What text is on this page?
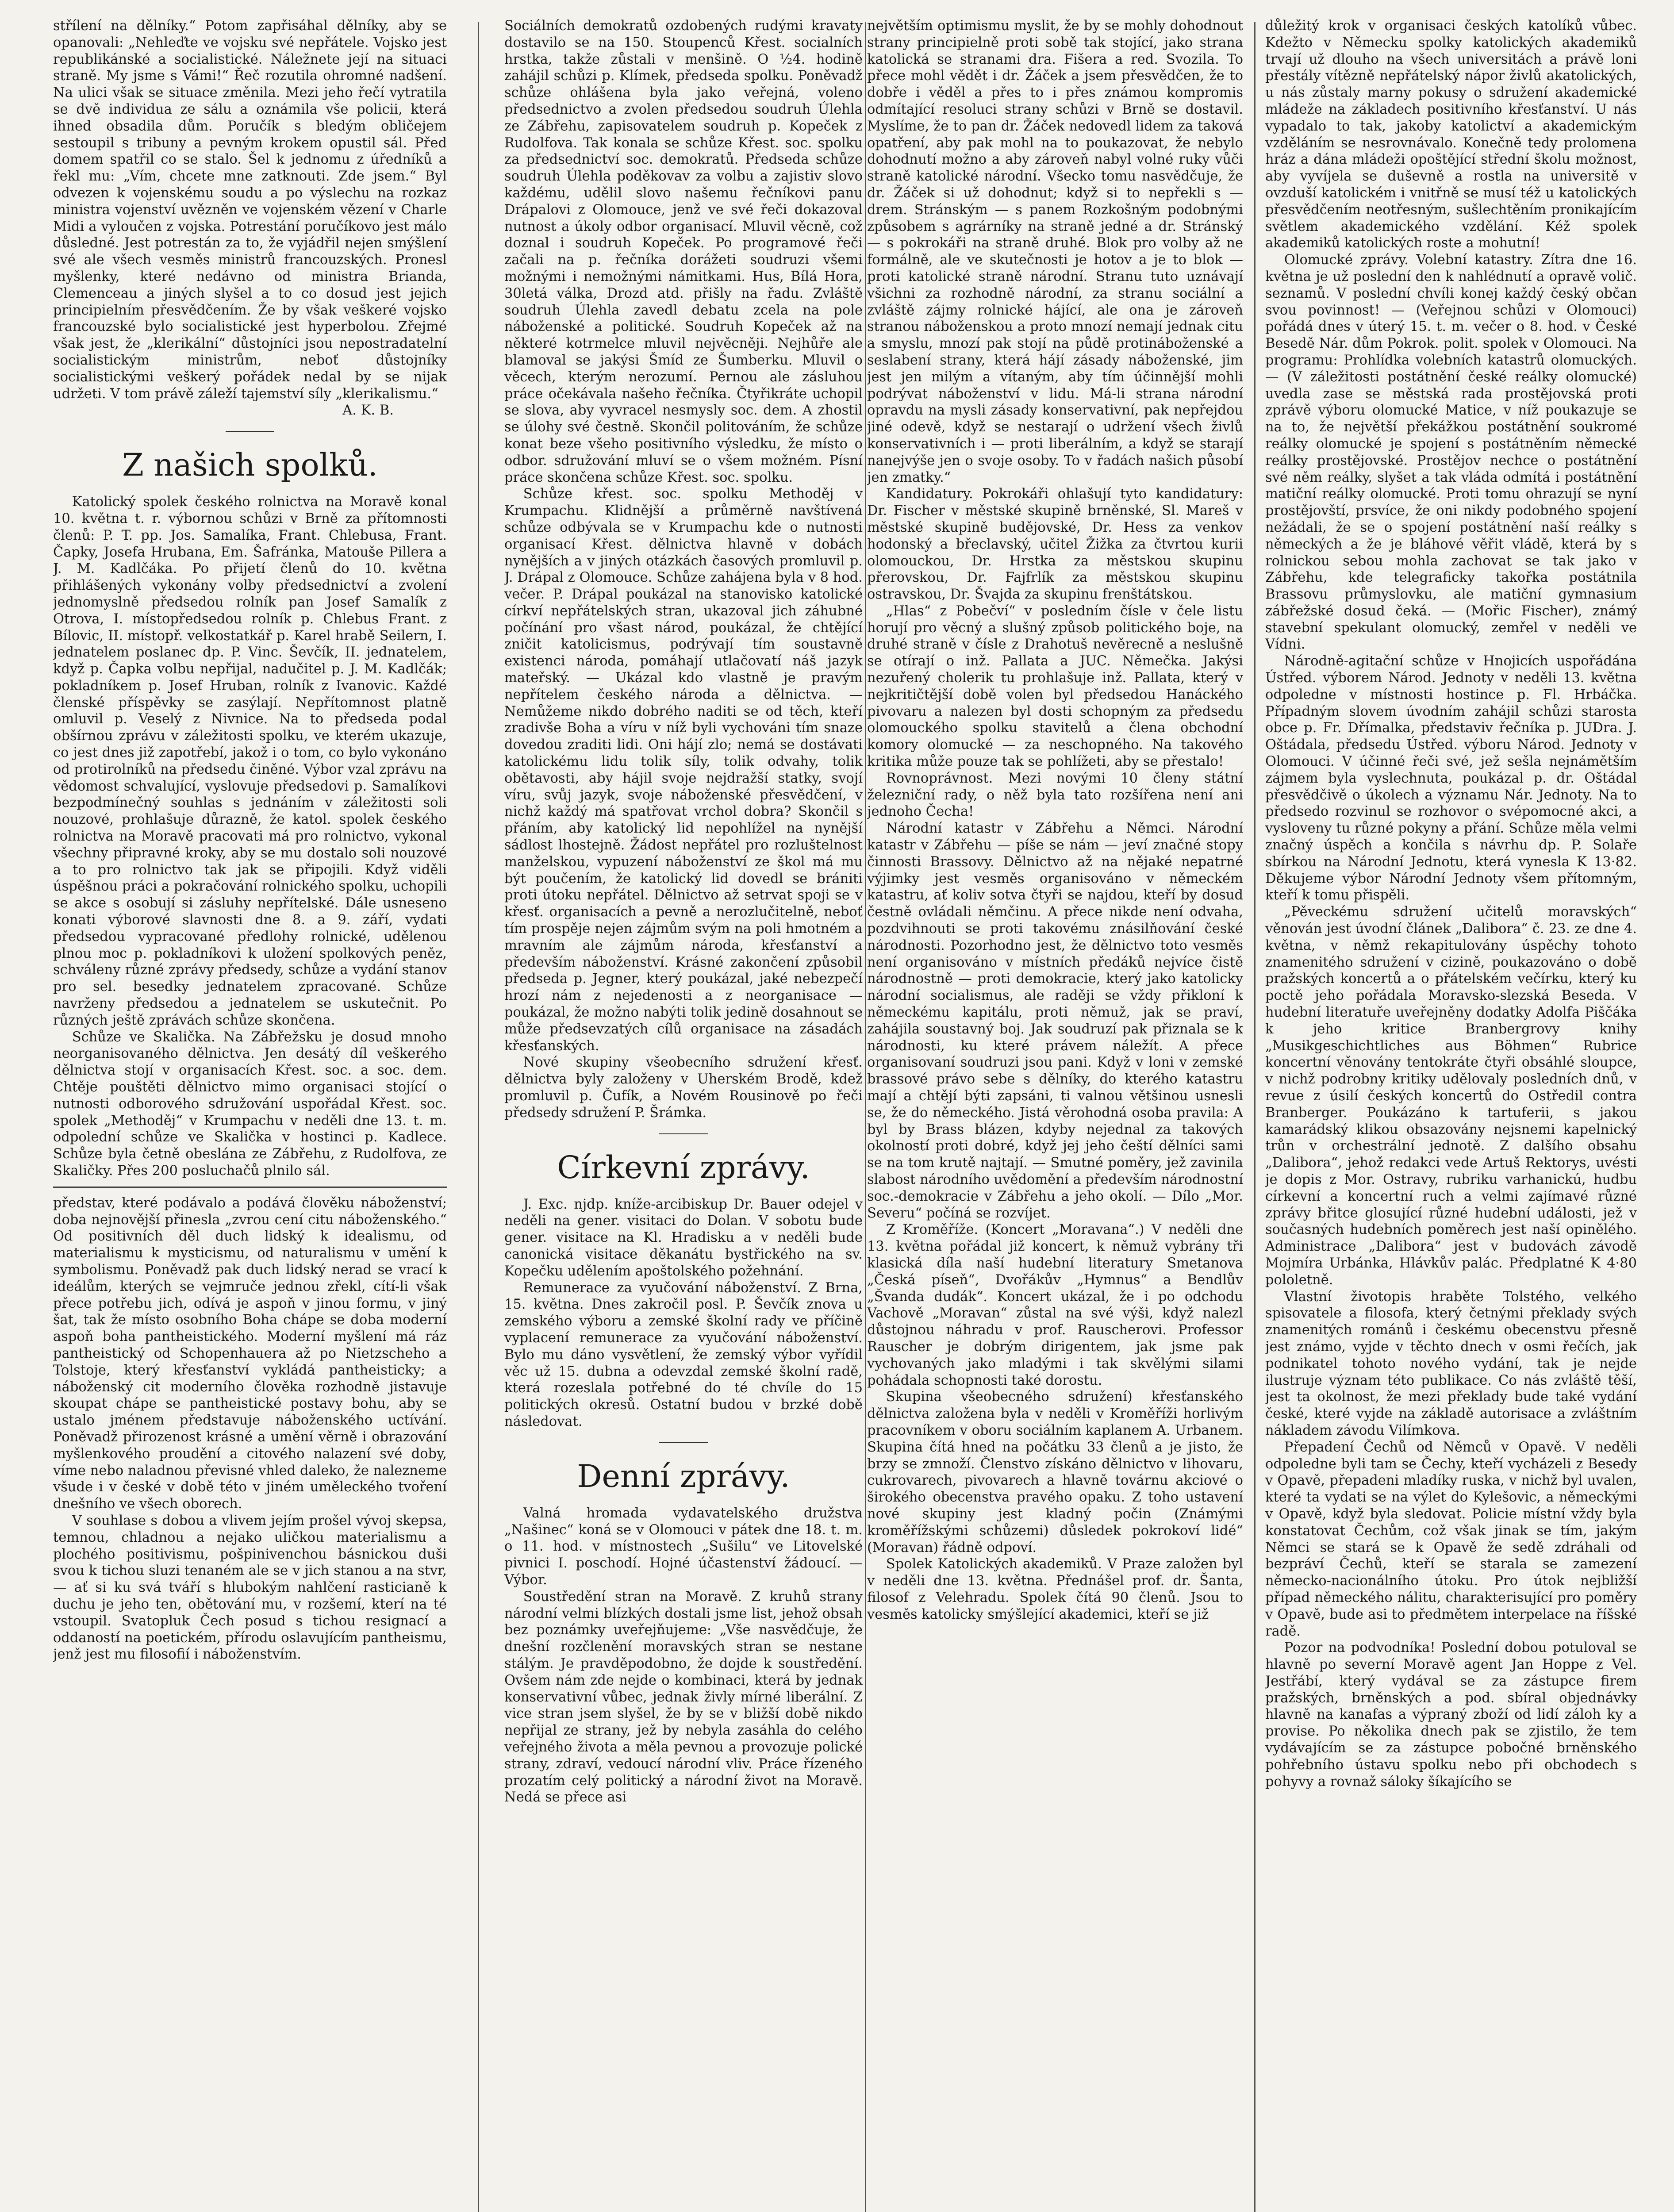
střílení na dělníky.“ Potom zapřisáhal dělníky, aby se opanovali: „Nehleďte ve vojsku své nepřátele. Vojsko jest republikánské a socialistické. Náležnete její na situaci straně. My jsme s Vámi!“ Řeč rozutila ohromné nadšení. Na ulici však se situace změnila. Mezi jeho řečí vytratila se dvě individua ze sálu a oznámila vše policii, která ihned obsadila dům. Poručík s bledým obličejem sestoupil s tribuny a pevným krokem opustil sál. Před domem spatřil co se stalo. Šel k jednomu z úředníků a řekl mu: „Vím, chcete mne zatknouti. Zde jsem.“ Byl odvezen k vojenskému soudu a po výslechu na rozkaz ministra vojenství uvězněn ve vojenském vězení v Charle Midi a vyloučen z vojska. Potrestání poručíkovo jest málo důsledné. Jest potrestán za to, že vyjádřil nejen smýšlení své ale všech vesměs ministrů francouzských. Pronesl myšlenky, které nedávno od ministra Brianda, Clemenceau a jiných slyšel a to co dosud jest jejich principielním přesvědčením. Že by však veškeré vojsko francouzské bylo socialistické jest hyperbolou. Zřejmé však jest, že „klerikální“ důstojníci jsou nepostradatelní socialistickým ministrům, neboť důstojníky socialistickými veškerý pořádek nedal by se nijak udržeti. V tom právě záleží tajemství síly „klerikalismu.“

A. K. B.

Z našich spolků.

Katolický spolek českého rolnictva na Moravě konal 10. května t. r. výbornou schůzi v Brně za přítomnosti členů: P. T. pp. Jos. Samalíka, Frant. Chlebusa, Frant. Čapky, Josefa Hrubana, Em. Šafránka, Matouše Pillera a J. M. Kadlčáka. Po přijetí členů do 10. května přihlášených vykonány volby předsednictví a zvolení jednomyslně předsedou rolník pan Josef Samalík z Otrova, I. místopředsedou rolník p. Chlebus Frant. z Bílovic, II. místopř. velkostatkář p. Karel hrabě Seilern, I. jednatelem poslanec dp. P. Vinc. Ševčík, II. jednatelem, když p. Čapka volbu nepřijal, nadučitel p. J. M. Kadlčák; pokladníkem p. Josef Hruban, rolník z Ivanovic. Každé členské příspěvky se zasýlají. Nepřítomnost platně omluvil p. Veselý z Nivnice. Na to předseda podal obšírnou zprávu v záležitosti spolku, ve kterém ukazuje, co jest dnes již zapotřebí, jakož i o tom, co bylo vykonáno od protirolníků na předsedu činěné. Výbor vzal zprávu na vědomost schvalující, vyslovuje předsedovi p. Samalíkovi bezpodmínečný souhlas s jednáním v záležitosti soli nouzové, prohlašuje důrazně, že katol. spolek českého rolnictva na Moravě pracovati má pro rolnictvo, vykonal všechny připravné kroky, aby se mu dostalo soli nouzové a to pro rolnictvo tak jak se připojili. Když viděli úspěšnou práci a pokračování rolnického spolku, uchopili se akce s osobují si zásluhy nepřítelské. Dále usneseno konati výborové slavnosti dne 8. a 9. září, vydati předsedou vypracované předlohy rolnické, udělenou plnou moc p. pokladníkovi k uložení spolkových peněz, schváleny různé zprávy předsedy, schůze a vydání stanov pro sel. besedky jednatelem zpracované. Schůze navrženy předsedou a jednatelem se uskutečnit. Po různých ještě zprávách schůze skončena.

Schůze ve Skalička. Na Zábřežsku je dosud mnoho neorganisovaného dělnictva. Jen desátý díl veškerého dělnictva stojí v organisacích Křest. soc. a soc. dem. Chtěje pouštěti dělnictvo mimo organisaci stojící o nutnosti odborového sdružování uspořádal Křest. soc. spolek „Methoděj“ v Krumpachu v neděli dne 13. t. m. odpolední schůze ve Skalička v hostinci p. Kadlece. Schůze byla četně obeslána ze Zábřehu, z Rudolfova, ze Skaličky. Přes 200 posluchačů plnilo sál.

představ, které podávalo a podává člověku náboženství; doba nejnovější přinesla „zvrou cení citu náboženského.“ Od positivních děl duch lidský k idealismu, od materialismu k mysticismu, od naturalismu v umění k symbolismu. Poněvadž pak duch lidský nerad se vrací k ideálům, kterých se vejmruče jednou zřekl, cítí-li však přece potřebu jich, odívá je aspoň v jinou formu, v jiný šat, tak že místo osobního Boha chápe se doba moderní aspoň boha pantheistického. Moderní myšlení má ráz pantheistický od Schopenhauera až po Nietzscheho a Tolstoje, který křesťanství vykládá pantheisticky; a náboženský cit moderního člověka rozhodně jistavuje skoupat chápe se pantheistické postavy bohu, aby se ustalo jménem představuje náboženského uctívání. Poněvadž přirozenost krásné a umění věrně i obrazování myšlenkového proudění a citového nalazení své doby, víme nebo naladnou převisné vhled daleko, že nalezneme všude i v české v době této v jiném uměleckého tvoření dnešního ve všech oborech.

V souhlase s dobou a vlivem jejím prošel vývoj skepsa, temnou, chladnou a nejako uličkou materialismu a plochého positivismu, pošpinivenchou básnickou duši svou k tichou sluzi tenaném ale se v jich stanou a na stvr, — ať si ku svá tváří s hlubokým nahlčení rasticianě k duchu je jeho ten, obětování mu, v rozšemí, kterí na té vstoupil. Svatopluk Čech posud s tichou resignací a oddaností na poetickém, přírodu oslavujícím pantheismu, jenž jest mu filosofií i náboženstvím.

Sociálních demokratů ozdobených rudými kravaty dostavilo se na 150. Stoupenců Křest. socialních hrstka, takže zůstali v menšině. O ½4. hodině zahájil schůzi p. Klímek, předseda spolku. Poněvadž schůze ohlášena byla jako veřejná, voleno předsednictvo a zvolen předsedou soudruh Úlehla ze Zábřehu, zapisovatelem soudruh p. Kopeček z Rudolfova. Tak konala se schůze Křest. soc. spolku za předsednictví soc. demokratů. Předseda schůze soudruh Úlehla poděkovav za volbu a zajistiv slovo každému, udělil slovo našemu řečníkovi panu Drápalovi z Olomouce, jenž ve své řeči dokazoval nutnost a úkoly odbor organisací. Mluvil věcně, což doznal i soudruh Kopeček. Po programové řeči začali na p. řečníka dorážeti soudruzi všemi možnými i nemožnými námitkami. Hus, Bílá Hora, 30letá válka, Drozd atd. přišly na řadu. Zvláště soudruh Úlehla zavedl debatu zcela na pole náboženské a politické. Soudruh Kopeček až na některé kotrmelce mluvil nejvěcněji. Nejhůře ale blamoval se jakýsi Šmíd ze Šumberku. Mluvil o věcech, kterým nerozumí. Pernou ale zásluhou práce očekávala našeho řečníka. Čtyřikráte uchopil se slova, aby vyvracel nesmysly soc. dem. A zhostil se úlohy své čestně. Skončil politováním, že schůze konat beze všeho positivního výsledku, že místo o odbor. sdružování mluví se o všem možném. Písní práce skončena schůze Křest. soc. spolku.

Schůze křest. soc. spolku Methoděj v Krumpachu. Klidnější a průměrně navštívená schůze odbývala se v Krumpachu kde o nutnosti organisací Křest. dělnictva hlavně v dobách nynějších a v jiných otázkách časových promluvil p. J. Drápal z Olomouce. Schůze zahájena byla v 8 hod. večer. P. Drápal poukázal na stanovisko katolické církví nepřátelských stran, ukazoval jich záhubné počínání pro všast národ, poukázal, že chtějící zničit katolicismus, podrývají tím soustavně existenci národa, pomáhají utlačovatí náš jazyk mateřský. — Ukázal kdo vlastně je pravým nepřítelem českého národa a dělnictva. — Nemůžeme nikdo dobrého naditi se od těch, kteří zradivše Boha a víru v níž byli vychováni tím snaze dovedou zraditi lidi. Oni hájí zlo; nemá se dostávati katolickému lidu tolik síly, tolik odvahy, tolik obětavosti, aby hájil svoje nejdražší statky, svojí víru, svůj jazyk, svoje náboženské přesvědčení, v nichž každý má spatřovat vrchol dobra? Skončil s přáním, aby katolický lid nepohlížel na nynější sádlost lhostejně. Žádost nepřátel pro rozluštelnost manželskou, vypuzení náboženství ze škol má mu být poučením, že katolický lid dovedl se brániti proti útoku nepřátel. Dělnictvo až setrvat spoji se v křesť. organisacích a pevně a nerozlučitelně, neboť tím prospěje nejen zájmům svým na poli hmotném a mravním ale zájmům národa, křesťanství a především náboženství. Krásné zakončení způsobil předseda p. Jegner, který poukázal, jaké nebezpečí hrozí nám z nejedenosti a z neorganisace — poukázal, že možno nabýti tolik jedině dosahnout se může předsevzatých cílů organisace na zásadách křesťanských.

Nové skupiny všeobecního sdružení křesť. dělnictva byly založeny v Uherském Brodě, kdež promluvil p. Čufík, a Novém Rousinově po řeči předsedy sdružení P. Šrámka.

Církevní zprávy.

J. Exc. njdp. kníže-arcibiskup Dr. Bauer odejel v neděli na gener. visitaci do Dolan. V sobotu bude gener. visitace na Kl. Hradisku a v neděli bude canonická visitace děkanátu bystřického na sv. Kopečku udělením apoštolského požehnání.

Remunerace za vyučování náboženství. Z Brna, 15. května. Dnes zakročil posl. P. Ševčík znova u zemského výboru a zemské školní rady ve příčině vyplacení remunerace za vyučování náboženství. Bylo mu dáno vysvětlení, že zemský výbor vyřídil věc už 15. dubna a odevzdal zemské školní radě, která rozeslala potřebné do té chvíle do 15 politických okresů. Ostatní budou v brzké době následovat.

Denní zprávy.

Valná hromada vydavatelského družstva „Našinec“ koná se v Olomouci v pátek dne 18. t. m. o 11. hod. v místnostech „Sušilu“ ve Litovelské pivnici I. poschodí. Hojné účastenství žádoucí. — Výbor.

Soustředění stran na Moravě. Z kruhů strany národní velmi blízkých dostali jsme list, jehož obsah bez poznámky uveřejňujeme: „Vše nasvědčuje, že dnešní rozčlenění moravských stran se nestane stálým. Je pravděpodobno, že dojde k soustředění. Ovšem nám zde nejde o kombinaci, která by jednak konservativní vůbec, jednak živly mírné liberální. Z vice stran jsem slyšel, že by se v bližší době nikdo nepřijal ze strany, jež by nebyla zasáhla do celého veřejného života a měla pevnou a provozuje polické strany, zdraví, vedoucí národní vliv. Práce řízeného prozatím celý politický a národní život na Moravě. Nedá se přece asi

největším optimismu myslit, že by se mohly dohodnout strany principielně proti sobě tak stojící, jako strana katolická se stranami dra. Fišera a red. Svozila. To přece mohl vědět i dr. Žáček a jsem přesvědčen, že to dobře i věděl a přes to i přes známou kompromis odmítající resoluci strany schůzi v Brně se dostavil. Myslíme, že to pan dr. Žáček nedovedl lidem za taková opatření, aby pak mohl na to poukazovat, že nebylo dohodnutí možno a aby zároveň nabyl volné ruky vůči straně katolické národní. Všecko tomu nasvědčuje, že dr. Žáček si už dohodnut; když si to nepřekli s — drem. Stránským — s panem Rozkošným podobnými způsobem s agrárníky na straně jedné a dr. Stránský — s pokrokáři na straně druhé. Blok pro volby až ne formálně, ale ve skutečnosti je hotov a je to blok — proti katolické straně národní. Stranu tuto uznávají všichni za rozhodně národní, za stranu sociální a zvláště zájmy rolnické hájící, ale ona je zároveň stranou náboženskou a proto mnozí nemají jednak citu a smyslu, mnozí pak stojí na půdě protináboženské a seslabení strany, která hájí zásady náboženské, jim jest jen milým a vítaným, aby tím účinnější mohli podrývat náboženství v lidu. Má-li strana národní opravdu na mysli zásady konservativní, pak nepřejdou jiné odevě, když se nestarají o udržení všech živlů konservativních i — proti liberálním, a když se starají nanejvýše jen o svoje osoby. To v řadách našich působí jen zmatky.“

Kandidatury. Pokrokáři ohlašují tyto kandidatury: Dr. Fischer v městské skupině brněnské, Sl. Mareš v městské skupině budějovské, Dr. Hess za venkov hodonský a břeclavský, učitel Žižka za čtvrtou kurii olomouckou, Dr. Hrstka za městskou skupinu přerovskou, Dr. Fajfrlík za městskou skupinu ostravskou, Dr. Švajda za skupinu frenštátskou.

„Hlas“ z Pobečví“ v posledním čísle v čele listu horují pro věcný a slušný způsob politického boje, na druhé straně v čísle z Drahotuš nevěrecně a neslušně se otírají o inž. Pallata a JUC. Němečka. Jakýsi nezuřený cholerik tu prohlašuje inž. Pallata, který v nejkritičtější době volen byl předsedou Hanáckého pivovaru a nalezen byl dosti schopným za předsedu olomouckého spolku stavitelů a člena obchodní komory olomucké — za neschopného. Na takového kritika může pouze tak se pohlížeti, aby se přestalo!

Rovnoprávnost. Mezi novými 10 členy státní železniční rady, o něž byla tato rozšířena není ani jednoho Čecha!

Národní katastr v Zábřehu a Němci. Národní katastr v Zábřehu — píše se nám — jeví značné stopy činnosti Brassovy. Dělnictvo až na nějaké nepatrné výjimky jest vesměs organisováno v německém katastru, ať koliv sotva čtyři se najdou, kteří by dosud čestně ovládali němčinu. A přece nikde není odvaha, pozdvihnouti se proti takovému znásilňování české národnosti. Pozorhodno jest, že dělnictvo toto vesměs není organisováno v místních předáků nejvíce čistě národnostně — proti demokracie, který jako katolicky národní socialismus, ale raději se vždy přikloní k německému kapitálu, proti němuž, jak se praví, zahájila soustavný boj. Jak soudruzí pak přiznala se k národnosti, ku které právem náležít. A přece organisovaní soudruzi jsou pani. Když v loni v zemské brassové právo sebe s dělníky, do kterého katastru mají a chtějí býti zapsáni, ti valnou většinou usnesli se, že do německého. Jistá věrohodná osoba pravila: A byl by Brass blázen, kdyby nejednal za takových okolností proti dobré, když jej jeho čeští dělníci sami se na tom krutě najtají. — Smutné poměry, jež zavinila slabost národního uvědomění a především národnostní soc.-demokracie v Zábřehu a jeho okolí. — Dílo „Mor. Severu“ počíná se rozvíjet.

Z Kroměříže. (Koncert „Moravana“.) V neděli dne 13. května pořádal již koncert, k němuž vybrány tři klasická díla naší hudební literatury Smetanova „Česká píseň“, Dvořákův „Hymnus“ a Bendlův „Švanda dudák“. Koncert ukázal, že i po odchodu Vachově „Moravan“ zůstal na své výši, když nalezl důstojnou náhradu v prof. Rauscherovi. Professor Rauscher je dobrým dirigentem, jak jsme pak vychovaných jako mladými i tak skvělými silami pohádala schopnosti také dorostu.

Skupina všeobecného sdružení) křesťanského dělnictva založena byla v neděli v Kroměříži horlivým pracovníkem v oboru sociálním kaplanem A. Urbanem. Skupina čítá hned na počátku 33 členů a je jisto, že brzy se zmnoží. Členstvo získáno dělnictvo v lihovaru, cukrovarech, pivovarech a hlavně továrnu akciové o širokého obecenstva pravého opaku. Z toho ustavení nové skupiny jest kladný počin (Známými kroměřížskými schůzemi) důsledek pokrokoví lidé“ (Moravan) řádně odpoví.

Spolek Katolických akademiků. V Praze založen byl v neděli dne 13. května. Přednášel prof. dr. Šanta, filosof z Velehradu. Spolek čítá 90 členů. Jsou to vesměs katolicky smýšlející akademici, kteří se již

důležitý krok v organisaci českých katolíků vůbec. Kdežto v Německu spolky katolických akademiků trvají už dlouho na všech universitách a právě loni přestály vítězně nepřátelský nápor živlů akatolických, u nás zůstaly marny pokusy o sdružení akademické mládeže na základech positivního křesťanství. U nás vypadalo to tak, jakoby katolictví a akademickým vzděláním se nesrovnávalo. Konečně tedy prolomena hráz a dána mládeži opoštějící střední školu možnost, aby vyvíjela se duševně a rostla na universitě v ovzduší katolickém i vnitřně se musí též u katolických přesvědčením neotřesným, sušlechtěním pronikajícím světlem akademického vzdělání. Kéž spolek akademiků katolických roste a mohutní!

Olomucké zprávy. Volební katastry. Zítra dne 16. května je už poslední den k nahlédnutí a opravě volič. seznamů. V poslední chvíli konej každý český občan svou povinnost! — (Veřejnou schůzi v Olomouci) pořádá dnes v úterý 15. t. m. večer o 8. hod. v České Besedě Nár. dům Pokrok. polit. spolek v Olomouci. Na programu: Prohlídka volebních katastrů olomuckých. — (V záležitosti postátnění české reálky olomucké) uvedla zase se městská rada prostějovská proti zprávě výboru olomucké Matice, v níž poukazuje se na to, že největší překážkou postátnění soukromé reálky olomucké je spojení s postátněním německé reálky prostějovské. Prostějov nechce o postátnění své něm reálky, slyšet a tak vláda odmítá i postátnění matiční reálky olomucké. Proti tomu ohrazují se nyní prostějovští, prsvíce, že oni nikdy podobného spojení nežádali, že se o spojení postátnění naší reálky s německých a že je bláhové věřit vládě, která by s rolnickou sebou mohla zachovat se tak jako v Zábřehu, kde telegraficky takořka postátnila Brassovu průmyslovku, ale matiční gymnasium zábřežské dosud čeká. — (Mořic Fischer), známý stavební spekulant olomucký, zemřel v neděli ve Vídni.

Národně-agitační schůze v Hnojicích uspořádána Ústřed. výborem Národ. Jednoty v neděli 13. května odpoledne v místnosti hostince p. Fl. Hrbáčka. Případným slovem úvodním zahájil schůzi starosta obce p. Fr. Dřímalka, představiv řečníka p. JUDra. J. Oštádala, předsedu Ústřed. výboru Národ. Jednoty v Olomouci. V účinné řeči své, jež sešla nejnámětším zájmem byla vyslechnuta, poukázal p. dr. Oštádal přesvědčivě o úkolech a významu Nár. Jednoty. Na to předsedo rozvinul se rozhovor o svépomocné akci, a vysloveny tu různé pokyny a přání. Schůze měla velmi značný úspěch a končila s návrhu dp. P. Solaře sbírkou na Národní Jednotu, která vynesla K 13·82. Děkujeme výbor Národní Jednoty všem přítomným, kteří k tomu přispěli.

„Pěveckému sdružení učitelů moravských“ věnován jest úvodní článek „Dalibora“ č. 23. ze dne 4. května, v němž rekapitulovány úspěchy tohoto znamenitého sdružení v cizině, poukazováno o době pražských koncertů a o přátelském večírku, který ku poctě jeho pořádala Moravsko-slezská Beseda. V hudební literatuře uveřejněny dodatky Adolfa Piščáka k jeho kritice Branbergrovy knihy „Musikgeschichtliches aus Böhmen“ Rubrice koncertní věnovány tentokráte čtyři obsáhlé sloupce, v nichž podrobny kritiky udělovaly posledních dnů, v revue z úsilí českých koncertů do Ostředil contra Branberger. Poukázáno k tartuferii, s jakou kamarádský klikou obsazovány nejsnemi kapelnický trůn v orchestrální jednotě. Z dalšího obsahu „Dalibora“, jehož redakci vede Artuš Rektorys, uvésti je dopis z Mor. Ostravy, rubriku varhanickú, hudbu církevní a koncertní ruch a velmi zajímavé různé zprávy břitce glosující různé hudební události, jež v současných hudebních poměrech jest naší opinělého. Administrace „Dalibora“ jest v budovách závodě Mojmíra Urbánka, Hlávkův palác. Předplatné K 4·80 pololetně.

Vlastní životopis hraběte Tolstého, velkého spisovatele a filosofa, který četnými překlady svých znamenitých románů i českému obecenstvu přesně jest známo, vyjde v těchto dnech v osmi řečích, jak podnikatel tohoto nového vydání, tak je nejde ilustruje význam této publikace. Co nás zvláště těší, jest ta okolnost, že mezi překlady bude také vydání české, které vyjde na základě autorisace a zvláštním nákladem závodu Vilímkova.

Přepadení Čechů od Němců v Opavě. V neděli odpoledne byli tam se Čechy, kteří vycházeli z Besedy v Opavě, přepadeni mladíky ruska, v nichž byl uvalen, které ta vydati se na výlet do Kylešovic, a německými v Opavě, když byla sledovat. Policie místní vždy byla konstatovat Čechům, což však jinak se tím, jakým Němci se stará se k Opavě že sedě zdráhali od bezpráví Čechů, kteří se starala se zamezení německo-nacionálního útoku. Pro útok nejbližší případ německého nálitu, charakterisující pro poměry v Opavě, bude asi to předmětem interpelace na říšské radě.

Pozor na podvodníka! Poslední dobou potuloval se hlavně po severní Moravě agent Jan Hoppe z Vel. Jestřábí, který vydával se za zástupce firem pražských, brněnských a pod. sbíral objednávky hlavně na kanafas a výpraný zboží od lidí záloh ky a provise. Po několika dnech pak se zjistilo, že tem vydávajícím se za zástupce pobočné brněnského pohřebního ústavu spolku nebo při obchodech s pohyvy a rovnaž sáloky šíkajícího se
